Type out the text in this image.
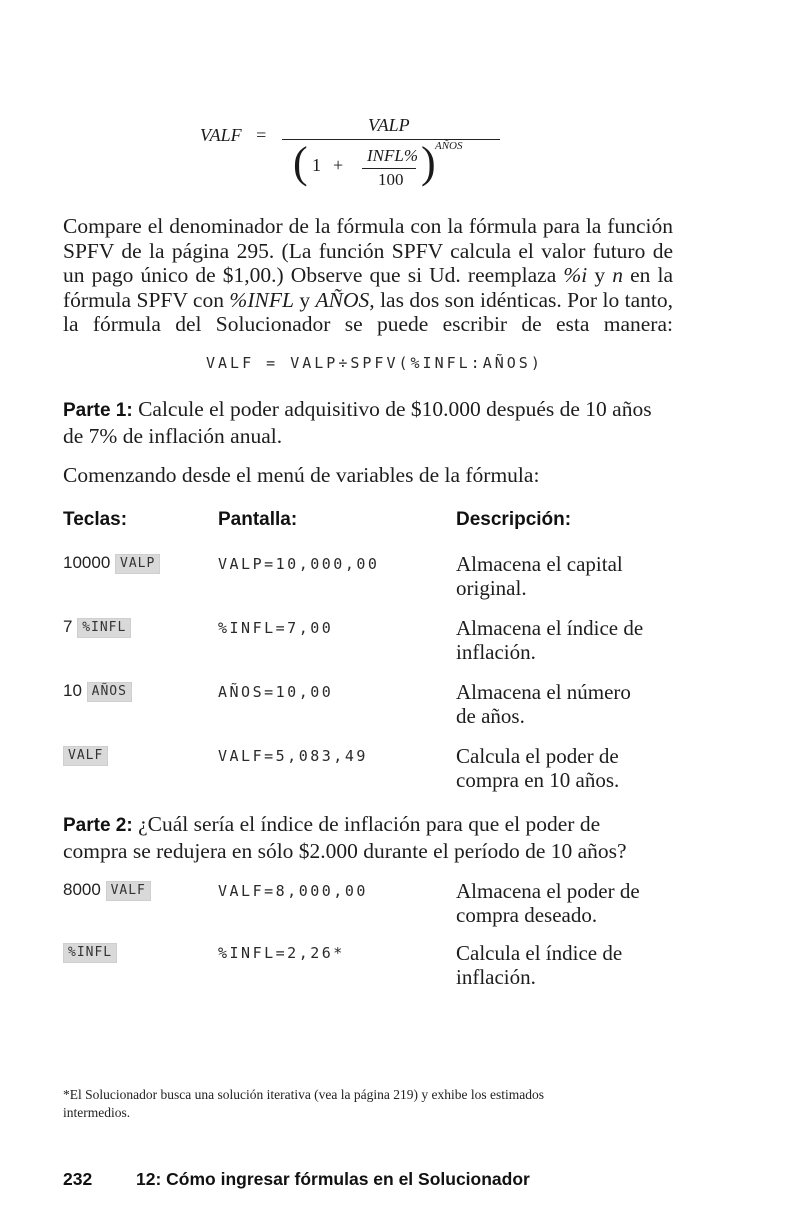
VALF =	VALP
( 1 + INFL%
100 ) AÑOS

Compare el denominador de la fórmula con la fórmula para la función

SPFV de la página 295. (La función SPFV calcula el valor futuro de

un pago único de $1,00.) Observe que si Ud. reemplaza %i y n en la

fórmula SPFV con %INFL y AÑOS, las dos son idénticas. Por lo tanto,

la fórmula del Solucionador se puede escribir de esta manera:

VALF = VALP÷SPFV(%INFL:AÑOS)

Parte 1: Calcule el poder adquisitivo de $10.000 después de 10 años

de 7% de inflación anual.

Comenzando desde el menú de variables de la fórmula:
Teclas:	Pantalla:	Descripción:
10000 VALP	VALP=10,000,00	Almacena el capital
original.
7 %INFL	%INFL=7,00	Almacena el índice de
inflación.
10 AÑOS	AÑOS=10,00	Almacena el número
de años.
VALF	VALF=5,083,49	Calcula el poder de
compra en 10 años.

Parte 2: ¿Cuál sería el índice de inflación para que el poder de

compra se redujera en sólo $2.000 durante el período de 10 años?

8000 VALF	VALF=8,000,00	Almacena el poder de
compra deseado.
%INFL	%INFL=2,26*	Calcula el índice de
inflación.
*El Solucionador busca una solución iterativa (vea la página 219) y exhibe los estimados
intermedios.
232	12: Cómo ingresar fórmulas en el Solucionador
